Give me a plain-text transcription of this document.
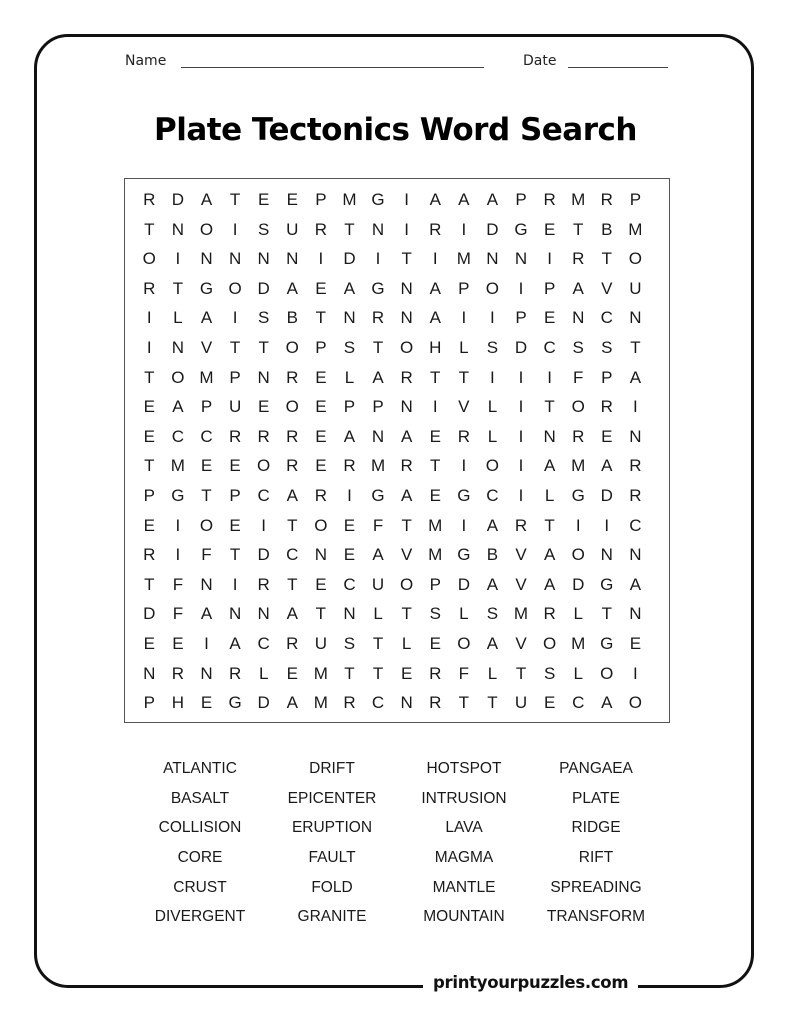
Name	Date
Plate Tectonics Word Search
R D A	T	E	E	P M G	I	A	A	A	P R M R P
T	N O	I	S U R	T	N	I	R	I	D G E	T	B M
O	I	N N N N	I	D	I	T	I	M N N	I	R	T O
R	T G O D A	E	A G N A	P O	I	P	A	V U
I	L	A	I	S	B	T	N R N A	I	I	P	E N C N
I	N V	T	T O P	S	T O H	L	S D C S	S	T
T O M P N R E	L	A R	T	T	I	I	I	F	P	A
E	A	P U E O E	P	P N	I	V	L	I	T O R	I
E C C R R R E	A N A	E R	L	I	N R E N
T M E	E O R E R M R	T	I	O	I	A M A R
P G T	P C A R	I	G A	E G C	I	L	G D R
E	I	O E	I	T O E	F	T M	I	A R	T	I	I	C
R	I	F	T	D C N E	A	V M G B	V	A O N N
T	F	N	I	R	T	E C U O P D A	V	A D G A
D	F	A N N A	T	N	L	T	S	L	S M R	L	T	N
E	E	I	A C R U S	T	L	E O A	V O M G E
N R N R	L	E M T	T	E R	F	L	T	S	L	O	I
P H E G D A M R C N R	T	T	U E C A O
ATLANTIC	DRIFT	HOTSPOT	PANGAEA
BASALT	EPICENTER	INTRUSION	PLATE
COLLISION	ERUPTION	LAVA	RIDGE
CORE	FAULT	MAGMA	RIFT
CRUST	FOLD	MANTLE	SPREADING
DIVERGENT	GRANITE	MOUNTAIN	TRANSFORM
printyourpuzzles.com
